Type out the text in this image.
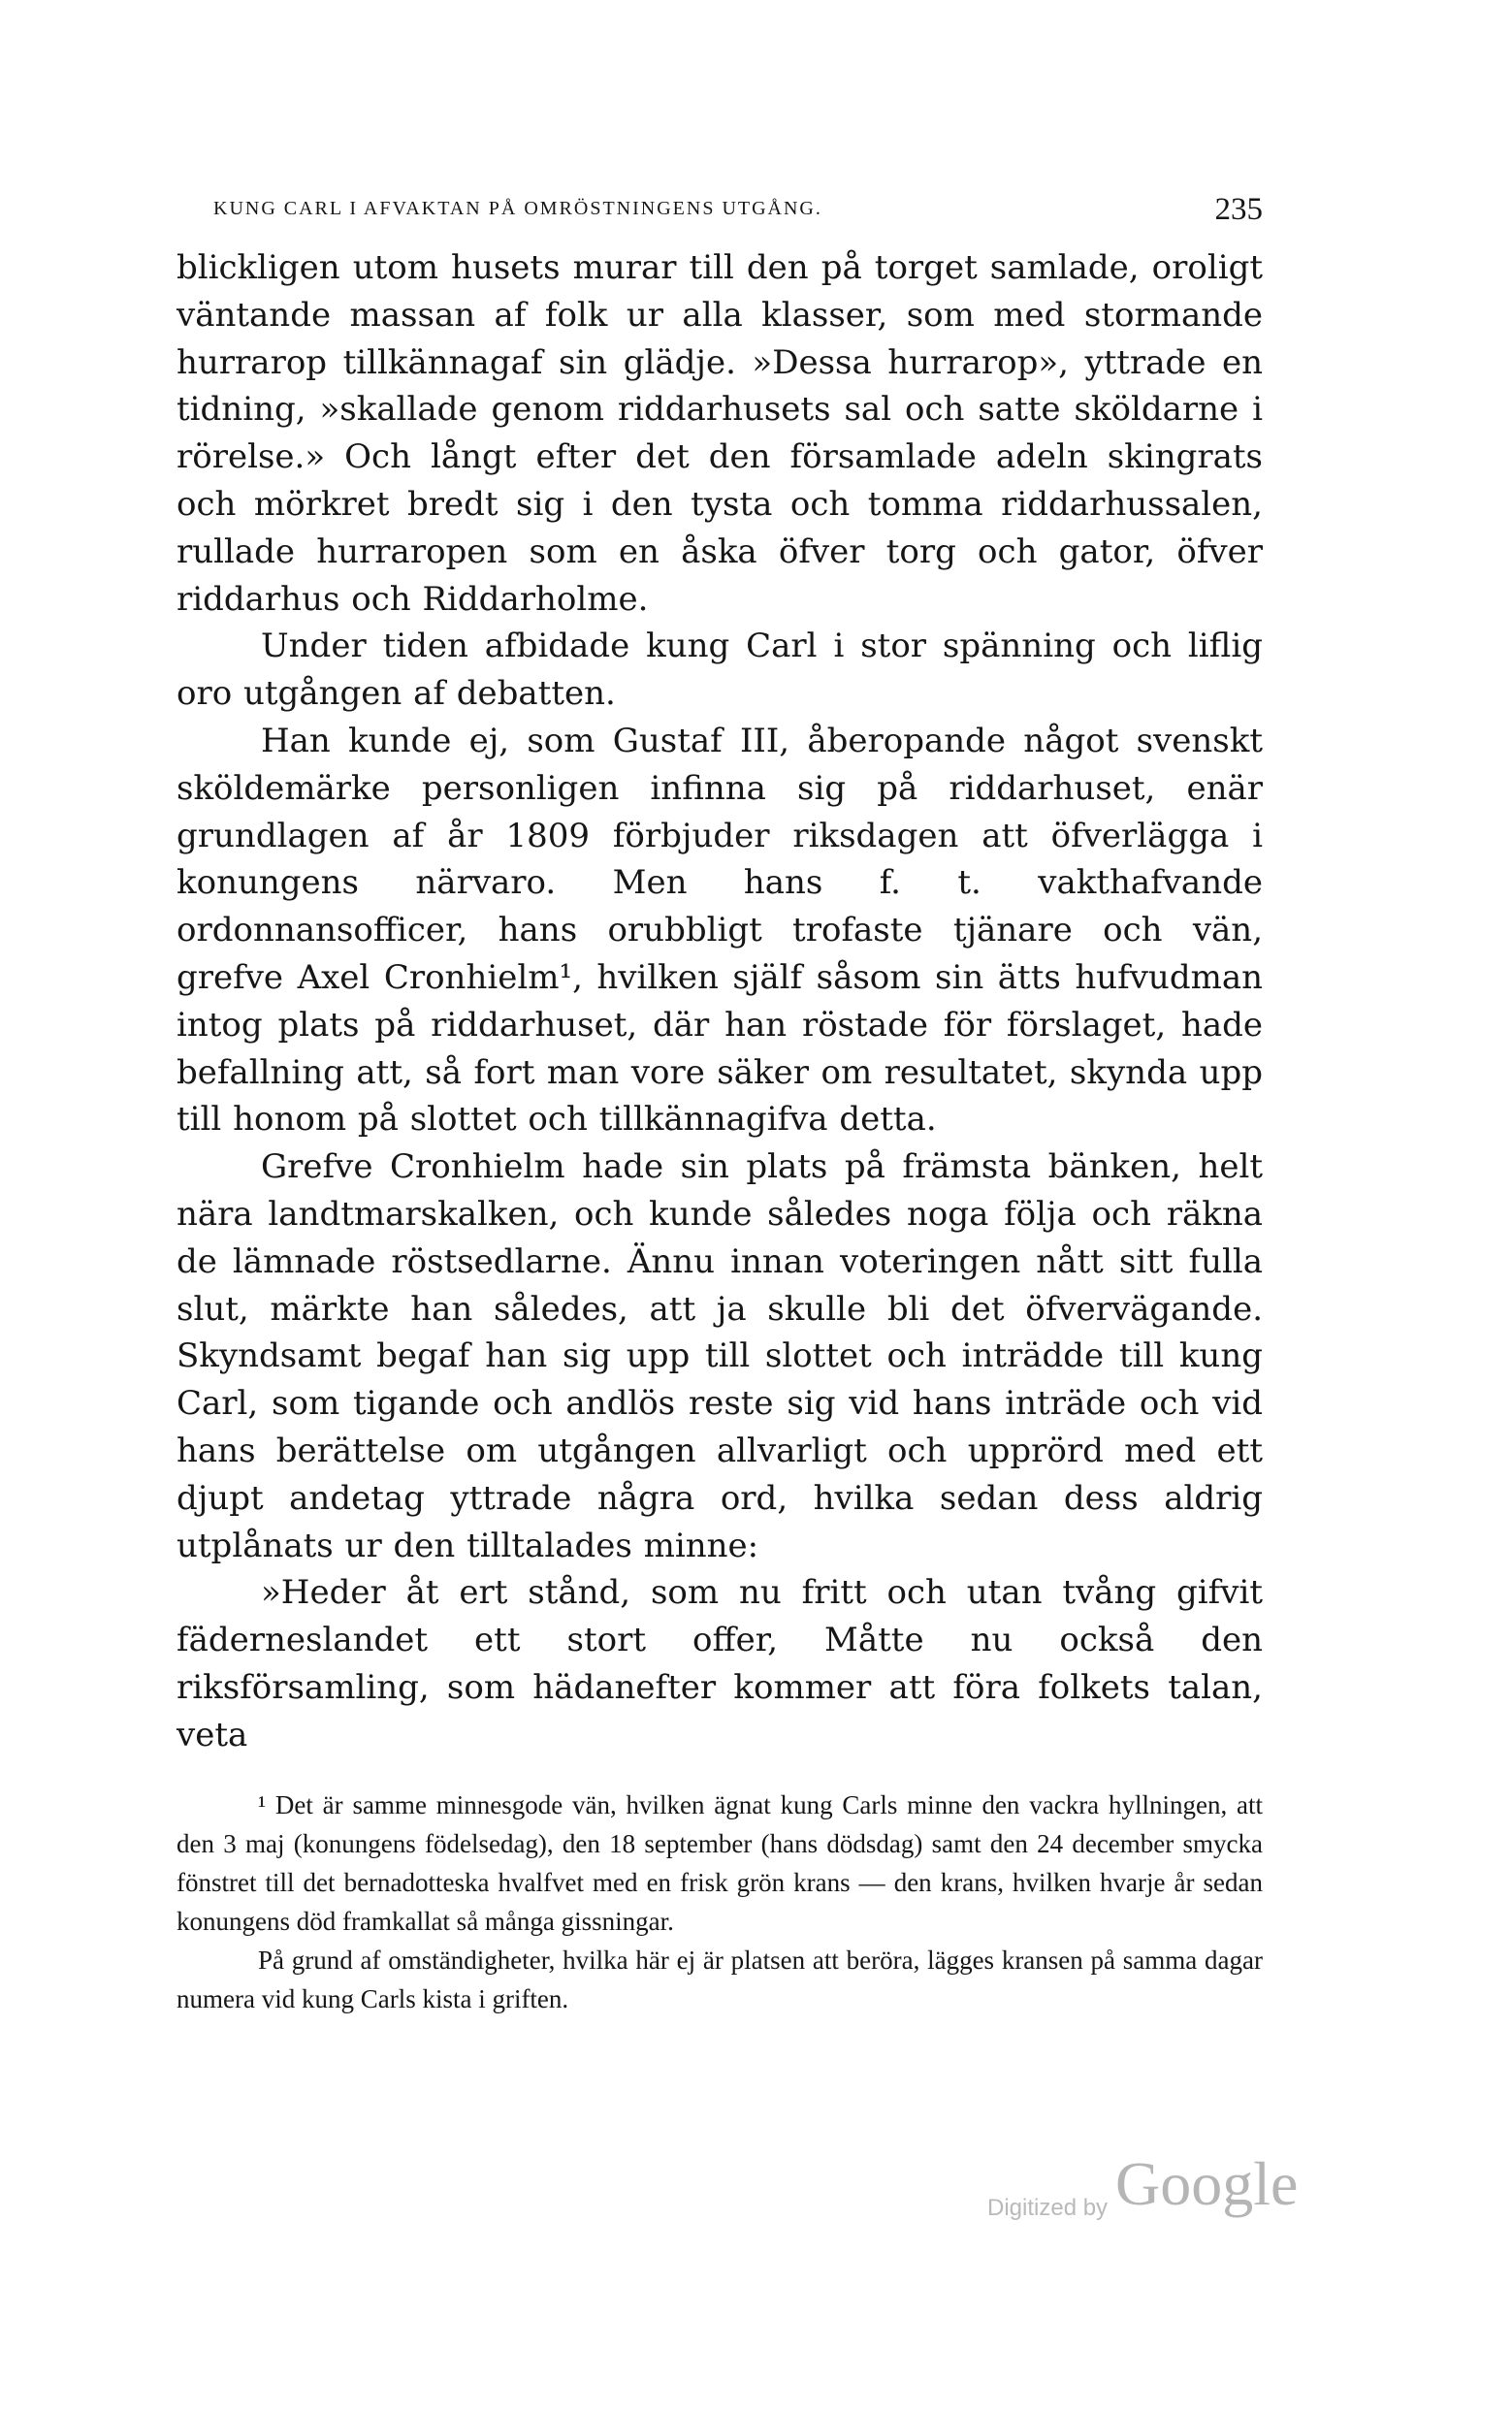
KUNG CARL I AFVAKTAN PÅ OMRÖSTNINGENS UTGÅNG.	235

blickligen utom husets murar till den på torget samlade, oroligt väntande massan af folk ur alla klasser, som med stormande hurrarop tillkännagaf sin glädje. »Dessa hurrarop», yttrade en tidning, »skallade genom riddarhusets sal och satte sköldarne i rörelse.» Och långt efter det den församlade adeln skingrats och mörkret bredt sig i den tysta och tomma riddarhussalen, rullade hurraropen som en åska öfver torg och gator, öfver riddarhus och Riddarholme.

Under tiden afbidade kung Carl i stor spänning och liflig oro utgången af debatten.

Han kunde ej, som Gustaf III, åberopande något svenskt sköldemärke personligen infinna sig på riddarhuset, enär grundlagen af år 1809 förbjuder riksdagen att öfverlägga i konungens närvaro. Men hans f. t. vakthafvande ordonnansofficer, hans orubbligt trofaste tjänare och vän, grefve Axel Cronhielm¹, hvilken själf såsom sin ätts hufvudman intog plats på riddarhuset, där han röstade för förslaget, hade befallning att, så fort man vore säker om resultatet, skynda upp till honom på slottet och tillkännagifva detta.

Grefve Cronhielm hade sin plats på främsta bänken, helt nära landtmarskalken, och kunde således noga följa och räkna de lämnade röstsedlarne. Ännu innan voteringen nått sitt fulla slut, märkte han således, att ja skulle bli det öfvervägande. Skyndsamt begaf han sig upp till slottet och inträdde till kung Carl, som tigande och andlös reste sig vid hans inträde och vid hans berättelse om utgången allvarligt och upprörd med ett djupt andetag yttrade några ord, hvilka sedan dess aldrig utplånats ur den tilltalades minne:

»Heder åt ert stånd, som nu fritt och utan tvång gifvit fäderneslandet ett stort offer, Måtte nu också den riksförsamling, som hädanefter kommer att föra folkets talan, veta

¹ Det är samme minnesgode vän, hvilken ägnat kung Carls minne den vackra hyllningen, att den 3 maj (konungens födelsedag), den 18 september (hans dödsdag) samt den 24 december smycka fönstret till det bernadotteska hvalfvet med en frisk grön krans — den krans, hvilken hvarje år sedan konungens död framkallat så många gissningar.

På grund af omständigheter, hvilka här ej är platsen att beröra, lägges kransen på samma dagar numera vid kung Carls kista i griften.

Digitized by Google
